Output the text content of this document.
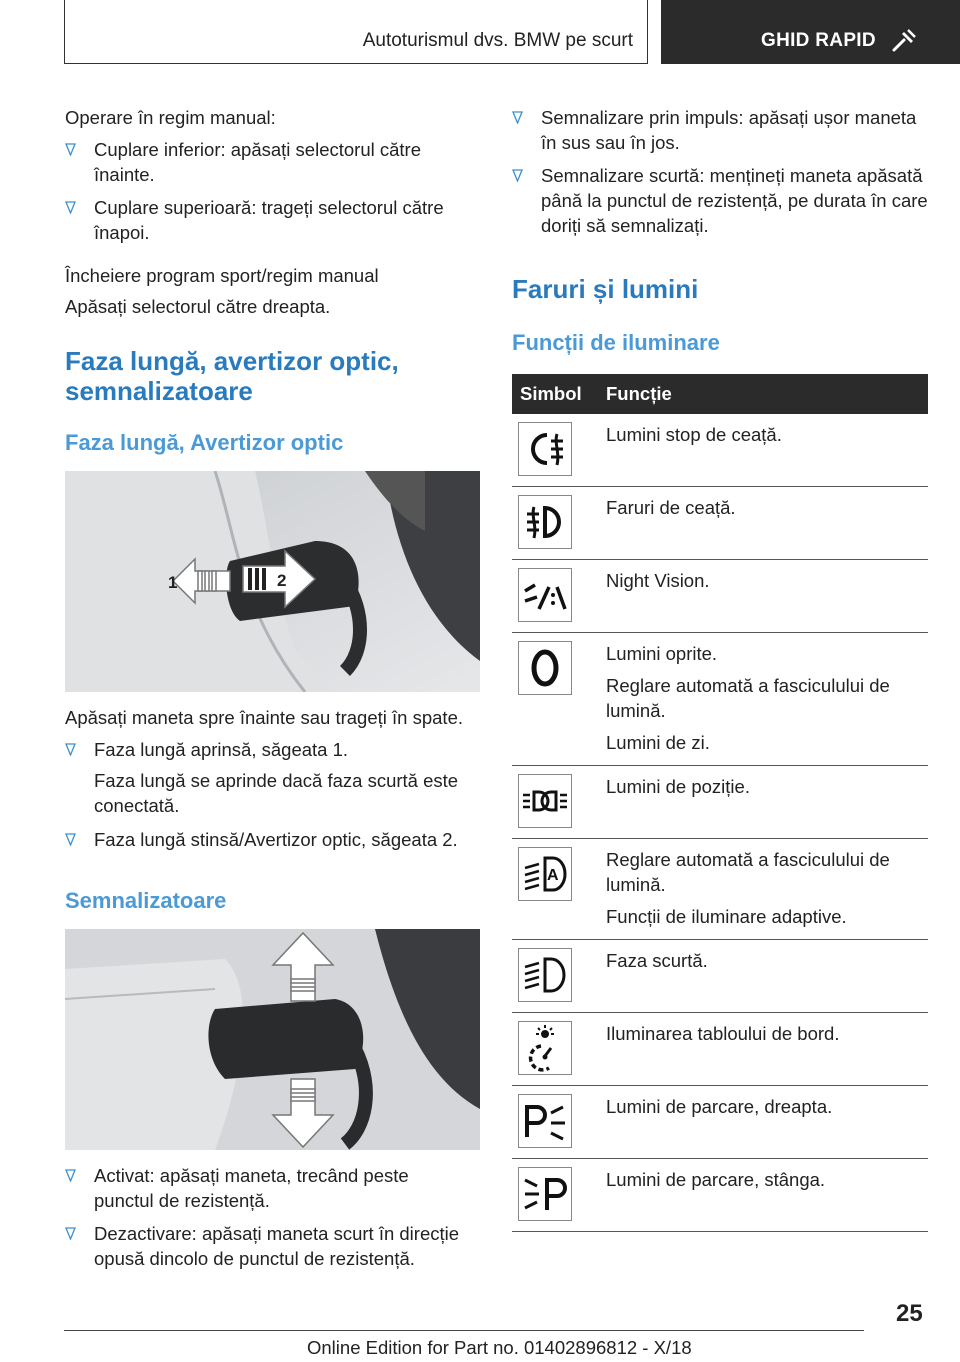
Autoturismul dvs. BMW pe scurt	GHID RAPID

Operare în regim manual:

Cuplare inferior: apăsați selectorul către înainte.
Cuplare superioară: trageți selectorul către înapoi.

Încheiere program sport/regim manual

Apăsați selectorul către dreapta.

Faza lungă, avertizor optic, semnalizatoare
Faza lungă, Avertizor optic
1	2

Apăsați maneta spre înainte sau trageți în spate.

Faza lungă aprinsă, săgeata 1.
Faza lungă se aprinde dacă faza scurtă este conectată.
Faza lungă stinsă/Avertizor optic, săgeata 2.
Semnalizatoare
Activat: apăsați maneta, trecând peste punctul de rezistență.
Dezactivare: apăsați maneta scurt în direcție opusă dincolo de punctul de rezistență.
Semnalizare prin impuls: apăsați ușor maneta în sus sau în jos.
Semnalizare scurtă: mențineți maneta apăsată până la punctul de rezistență, pe durata în care doriți să semnalizați.
Faruri și lumini
Funcții de iluminare
Simbol	Funcție

Lumini stop de ceață.

Faruri de ceață.

Night Vision.

Lumini oprite.
Reglare automată a fasciculului de lumină.
Lumini de zi.

Lumini de poziție.

A	Reglare automată a fasciculului de lumină.
Funcții de iluminare adaptive.

Faza scurtă.

Iluminarea tabloului de bord.

Lumini de parcare, dreapta.

Lumini de parcare, stânga.
25
Online Edition for Part no. 01402896812 - X/18
